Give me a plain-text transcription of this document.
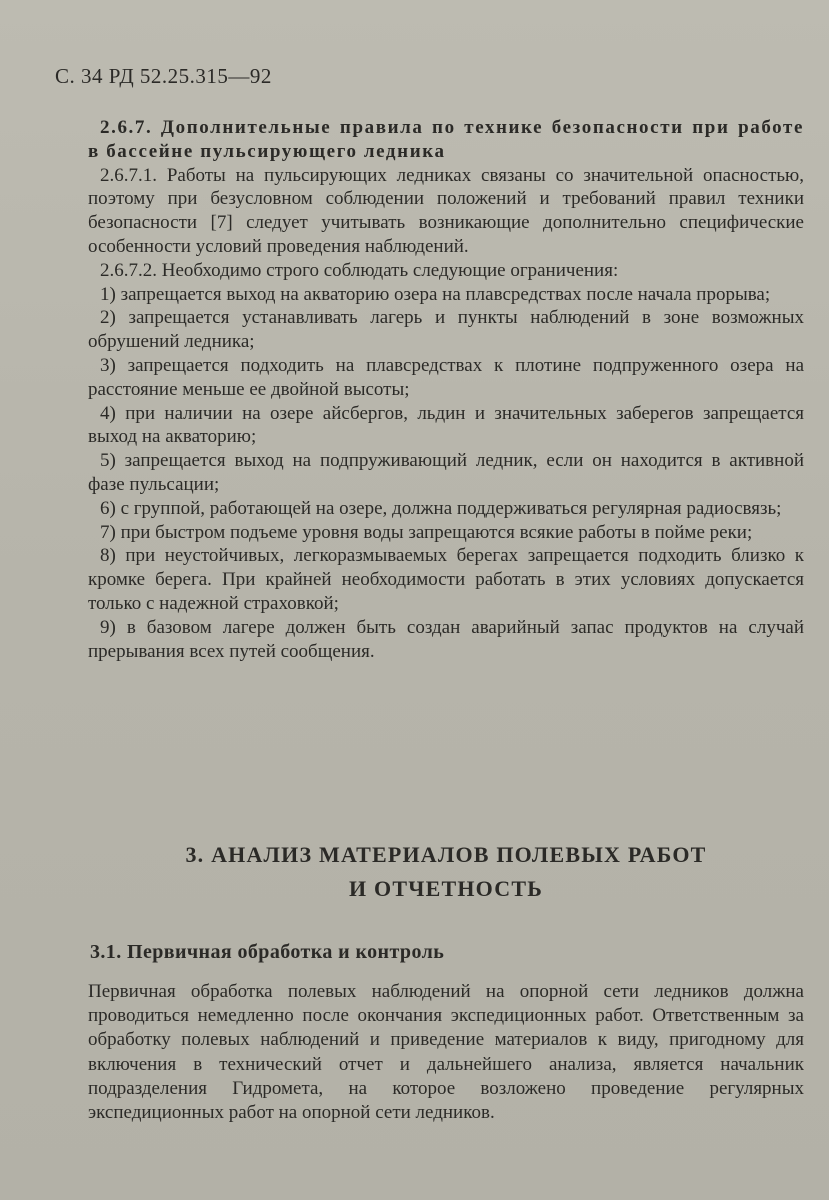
С. 34 РД 52.25.315—92

2.6.7. Дополнительные правила по технике безопасности при работе в бассейне пульсирующего ледника

2.6.7.1. Работы на пульсирующих ледниках связаны со значительной опасностью, поэтому при безусловном соблюдении положений и требований правил техники безопасности [7] следует учитывать возникающие дополнительно специфические особенности условий проведения наблюдений.

2.6.7.2. Необходимо строго соблюдать следующие ограничения:

1) запрещается выход на акваторию озера на плавсредствах после начала прорыва;

2) запрещается устанавливать лагерь и пункты наблюдений в зоне возможных обрушений ледника;

3) запрещается подходить на плавсредствах к плотине подпруженного озера на расстояние меньше ее двойной высоты;

4) при наличии на озере айсбергов, льдин и значительных заберегов запрещается выход на акваторию;

5) запрещается выход на подпруживающий ледник, если он находится в активной фазе пульсации;

6) с группой, работающей на озере, должна поддерживаться регулярная радиосвязь;

7) при быстром подъеме уровня воды запрещаются всякие работы в пойме реки;

8) при неустойчивых, легкоразмываемых берегах запрещается подходить близко к кромке берега. При крайней необходимости работать в этих условиях допускается только с надежной страховкой;

9) в базовом лагере должен быть создан аварийный запас продуктов на случай прерывания всех путей сообщения.

3. АНАЛИЗ МАТЕРИАЛОВ ПОЛЕВЫХ РАБОТ
И ОТЧЕТНОСТЬ
3.1. Первичная обработка и контроль

Первичная обработка полевых наблюдений на опорной сети ледников должна проводиться немедленно после окончания экспедиционных работ. Ответственным за обработку полевых наблюдений и приведение материалов к виду, пригодному для включения в технический отчет и дальнейшего анализа, является начальник подразделения Гидромета, на которое возложено проведение регулярных экспедиционных работ на опорной сети ледников.
